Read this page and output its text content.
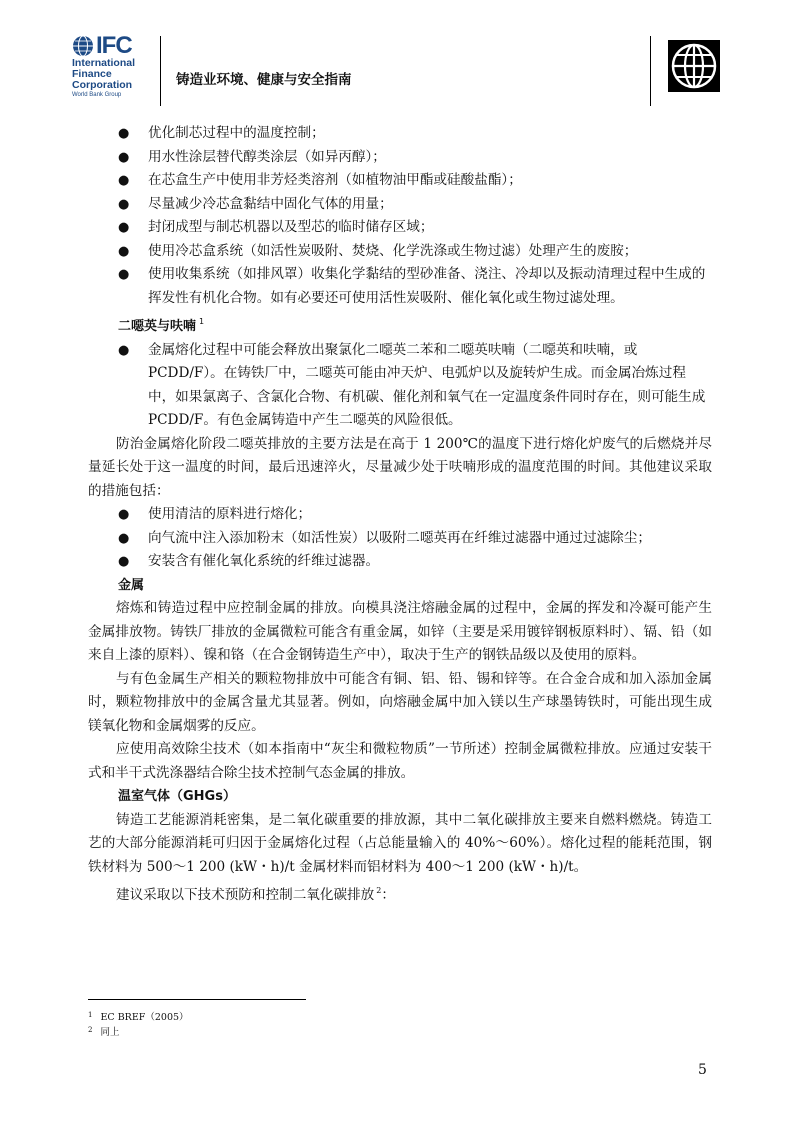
IFC
International
Finance
Corporation
World Bank Group
铸造业环境、健康与安全指南
● 优化制芯过程中的温度控制；
● 用水性涂层替代醇类涂层（如异丙醇）；
● 在芯盒生产中使用非芳烃类溶剂（如植物油甲酯或硅酸盐酯）；
● 尽量减少冷芯盒黏结中固化气体的用量；
● 封闭成型与制芯机器以及型芯的临时储存区域；
● 使用冷芯盒系统（如活性炭吸附、焚烧、化学洗涤或生物过滤）处理产生的废胺；
● 使用收集系统（如排风罩）收集化学黏结的型砂准备、浇注、冷却以及振动清理过程中生成的挥发性有机化合物。如有必要还可使用活性炭吸附、催化氧化或生物过滤处理。
二噁英与呋喃 $^1$
● 金属熔化过程中可能会释放出聚氯化二噁英二苯和二噁英呋喃（二噁英和呋喃，或PCDD/F）。在铸铁厂中，二噁英可能由冲天炉、电弧炉以及旋转炉生成。而金属冶炼过程中，如果氯离子、含氯化合物、有机碳、催化剂和氧气在一定温度条件同时存在，则可能生成 PCDD/F。有色金属铸造中产生二噁英的风险很低。
防治金属熔化阶段二噁英排放的主要方法是在高于 1 200℃的温度下进行熔化炉废气的后燃烧并尽量延长处于这一温度的时间，最后迅速淬火，尽量减少处于呋喃形成的温度范围的时间。其他建议采取的措施包括：
● 使用清洁的原料进行熔化；
● 向气流中注入添加粉末（如活性炭）以吸附二噁英再在纤维过滤器中通过过滤除尘；
● 安装含有催化氧化系统的纤维过滤器。
金属
熔炼和铸造过程中应控制金属的排放。向模具浇注熔融金属的过程中，金属的挥发和冷凝可能产生金属排放物。铸铁厂排放的金属微粒可能含有重金属，如锌（主要是采用镀锌钢板原料时）、镉、铅（如来自上漆的原料）、镍和铬（在合金钢铸造生产中），取决于生产的钢铁品级以及使用的原料。
与有色金属生产相关的颗粒物排放中可能含有铜、铝、铅、锡和锌等。在合金合成和加入添加金属时，颗粒物排放中的金属含量尤其显著。例如，向熔融金属中加入镁以生产球墨铸铁时，可能出现生成镁氧化物和金属烟雾的反应。
应使用高效除尘技术（如本指南中“灰尘和微粒物质”一节所述）控制金属微粒排放。应通过安装干式和半干式洗涤器结合除尘技术控制气态金属的排放。
温室气体（GHGs）
铸造工艺能源消耗密集，是二氧化碳重要的排放源，其中二氧化碳排放主要来自燃料燃烧。铸造工艺的大部分能源消耗可归因于金属熔化过程（占总能量输入的 40%～60%）。熔化过程的能耗范围，钢铁材料为 500～1 200 (kW・h)/t 金属材料而铝材料为 400～1 200 (kW・h)/t。
建议采取以下技术预防和控制二氧化碳排放 $^2$：
$^1$ EC BREF（2005）
$^2$ 同上
5
